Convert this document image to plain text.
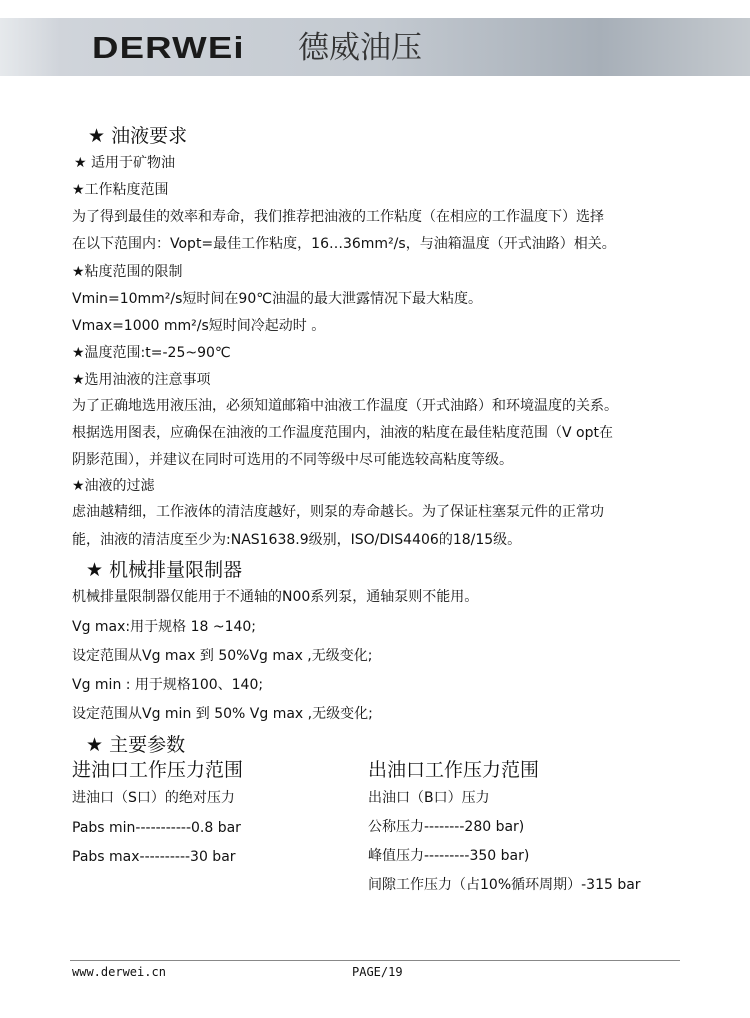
DERWEi 德威油压
★ 油液要求
★ 适用于矿物油
★工作粘度范围
为了得到最佳的效率和寿命，我们推荐把油液的工作粘度（在相应的工作温度下）选择
在以下范围内：Vopt=最佳工作粘度，16…36mm²/s，与油箱温度（开式油路）相关。
★粘度范围的限制
Vmin=10mm²/s短时间在90℃油温的最大泄露情况下最大粘度。
Vmax=1000 mm²/s短时间冷起动时 。
★温度范围:t=-25~90℃
★选用油液的注意事项
为了正确地选用液压油，必须知道邮箱中油液工作温度（开式油路）和环境温度的关系。
根据选用图表，应确保在油液的工作温度范围内，油液的粘度在最佳粘度范围（V opt在
阴影范围），并建议在同时可选用的不同等级中尽可能选较高粘度等级。
★油液的过滤
虑油越精细，工作液体的清洁度越好，则泵的寿命越长。为了保证柱塞泵元件的正常功
能，油液的清洁度至少为:NAS1638.9级别，ISO/DIS4406的18/15级。
★ 机械排量限制器
机械排量限制器仅能用于不通轴的N00系列泵，通轴泵则不能用。
Vg max:用于规格 18 ~140;
设定范围从Vg max 到 50%Vg max ,无级变化;
Vg min : 用于规格100、140;
设定范围从Vg min 到 50% Vg max ,无级变化;
★ 主要参数
进油口工作压力范围	出油口工作压力范围
进油口（S口）的绝对压力
Pabs min-----------0.8 bar
Pabs max----------30 bar
出油口（B口）压力
公称压力--------280 bar)
峰值压力---------350 bar)
间隙工作压力（占10%循环周期）-315 bar
www.derwei.cn	PAGE/19
